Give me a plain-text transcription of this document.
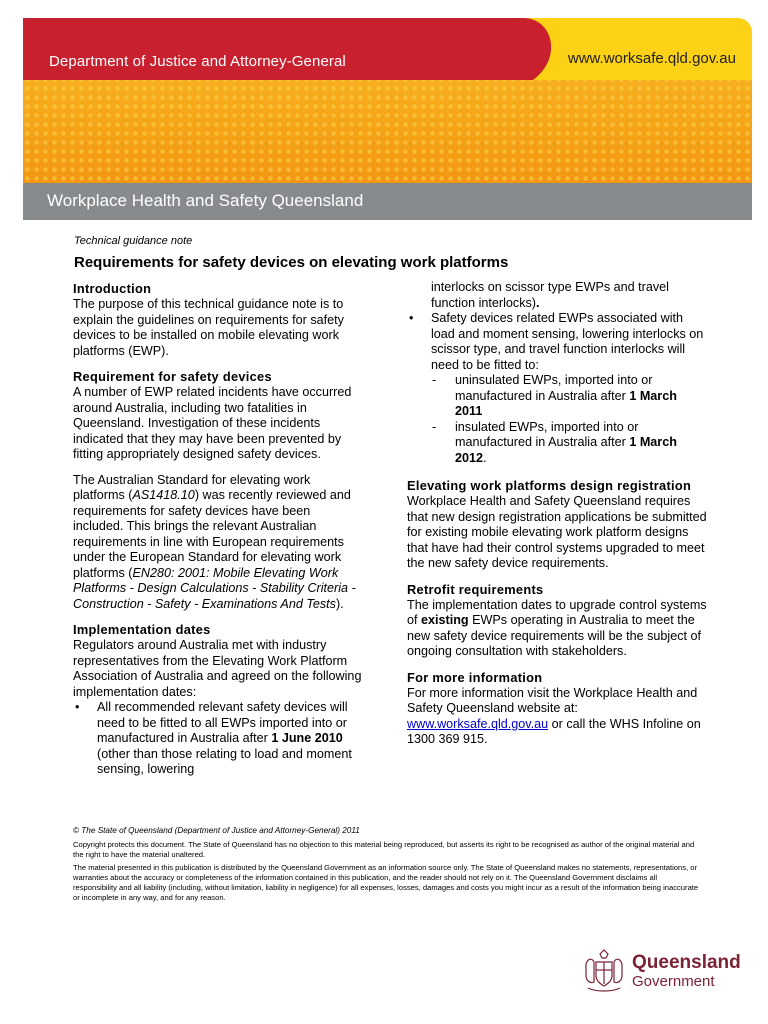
Department of Justice and Attorney-General	www.worksafe.qld.gov.au
Workplace Health and Safety Queensland
Technical guidance note
Requirements for safety devices on elevating work platforms
Introduction

The purpose of this technical guidance note is to explain the guidelines on requirements for safety devices to be installed on mobile elevating work platforms (EWP).

Requirement for safety devices

A number of EWP related incidents have occurred around Australia, including two fatalities in Queensland. Investigation of these incidents indicated that they may have been prevented by fitting appropriately designed safety devices.

The Australian Standard for elevating work platforms (AS1418.10) was recently reviewed and requirements for safety devices have been included. This brings the relevant Australian requirements in line with European requirements under the European Standard for elevating work platforms (EN280: 2001: Mobile Elevating Work Platforms - Design Calculations - Stability Criteria - Construction - Safety - Examinations And Tests).

Implementation dates

Regulators around Australia met with industry representatives from the Elevating Work Platform Association of Australia and agreed on the following implementation dates:

• All recommended relevant safety devices will need to be fitted to all EWPs imported into or manufactured in Australia after 1 June 2010 (other than those relating to load and moment sensing, lowering
interlocks on scissor type EWPs and travel function interlocks).
• Safety devices related EWPs associated with load and moment sensing, lowering interlocks on scissor type, and travel function interlocks will need to be fitted to:
- uninsulated EWPs, imported into or manufactured in Australia after 1 March 2011
- insulated EWPs, imported into or manufactured in Australia after 1 March 2012.
Elevating work platforms design registration

Workplace Health and Safety Queensland requires that new design registration applications be submitted for existing mobile elevating work platform designs that have had their control systems upgraded to meet the new safety device requirements.

Retrofit requirements

The implementation dates to upgrade control systems of existing EWPs operating in Australia to meet the new safety device requirements will be the subject of ongoing consultation with stakeholders.

For more information

For more information visit the Workplace Health and Safety Queensland website at: www.worksafe.qld.gov.au or call the WHS Infoline on 1300 369 915.

© The State of Queensland (Department of Justice and Attorney-General) 2011

Copyright protects this document. The State of Queensland has no objection to this material being reproduced, but asserts its right to be recognised as author of the original material and the right to have the material unaltered.

The material presented in this publication is distributed by the Queensland Government as an information source only. The State of Queensland makes no statements, representations, or warranties about the accuracy or completeness of the information contained in this publication, and the reader should not rely on it. The Queensland Government disclaims all responsibility and all liability (including, without limitation, liability in negligence) for all expenses, losses, damages and costs you might incur as a result of the information being inaccurate or incomplete in any way, and for any reason.

Queensland
Government
